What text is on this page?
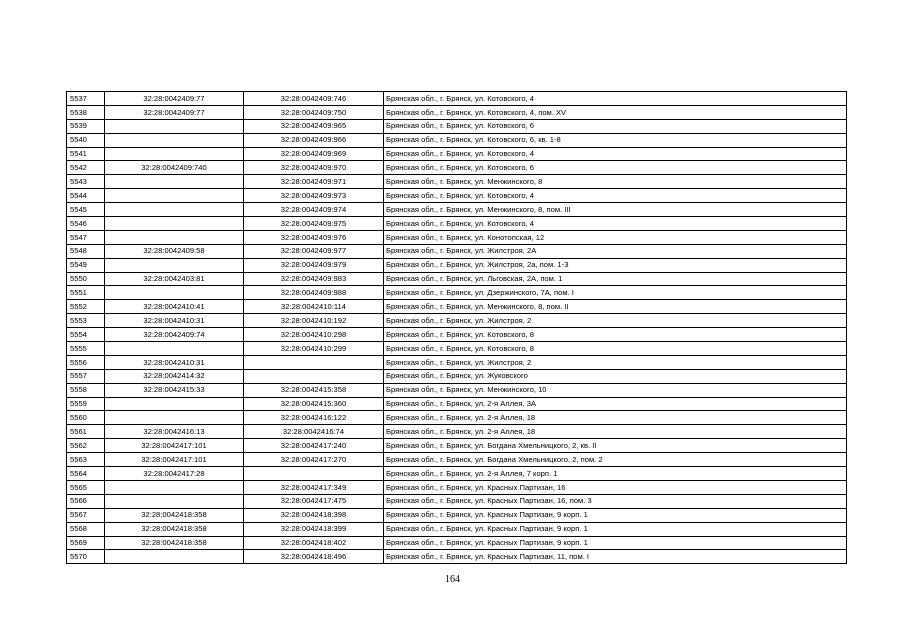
5537	32:28:0042409:77	32:28:0042409:746	Брянская обл., г. Брянск, ул. Котовского, 4
5538	32:28:0042409:77	32:28:0042409:750	Брянская обл., г. Брянск, ул. Котовского, 4, пом. XV
5539		32:28:0042409:965	Брянская обл., г. Брянск, ул. Котовского, 6
5540		32:28:0042409:966	Брянская обл., г. Брянск, ул. Котовского, 6, кв. 1-8
5541		32:28:0042409:969	Брянская обл., г. Брянск, ул. Котовского, 4
5542	32:28:0042409:740	32:28:0042409:970	Брянская обл., г. Брянск, ул. Котовского, 6
5543		32:28:0042409:971	Брянская обл., г. Брянск, ул. Менжинского, 8
5544		32:28:0042409:973	Брянская обл., г. Брянск, ул. Котовского, 4
5545		32:28:0042409:974	Брянская обл., г. Брянск, ул. Менжинского, 8, пом. III
5546		32:28:0042409:975	Брянская обл., г. Брянск, ул. Котовского, 4
5547		32:28:0042409:976	Брянская обл., г. Брянск, ул. Конотопская, 12
5548	32:28:0042409:58	32:28:0042409:977	Брянская обл., г. Брянск, ул. Жилстроя, 2А
5549		32:28:0042409:979	Брянская обл., г. Брянск, ул. Жилстроя, 2а, пом. 1-3
5550	32:28:0042403:81	32:28:0042409:983	Брянская обл., г. Брянск, ул. Льговская, 2А, пом. 1
5551		32:28:0042409:988	Брянская обл., г. Брянск, ул. Дзержинского, 7А, пом. I
5552	32:28:0042410:41	32:28:0042410:114	Брянская обл., г. Брянск, ул. Менжинского, 8, пом. II
5553	32:28:0042410:31	32:28:0042410:192	Брянская обл., г. Брянск, ул. Жилстроя, 2
5554	32:28:0042409:74	32:28:0042410:298	Брянская обл., г. Брянск, ул. Котовского, 8
5555		32:28:0042410:299	Брянская обл., г. Брянск, ул. Котовского, 8
5556	32:28:0042410:31		Брянская обл., г. Брянск, ул. Жилстроя, 2
5557	32:28:0042414:32		Брянская обл., г. Брянск, ул. Жуковского
5558	32:28:0042415:33	32:28:0042415:358	Брянская обл., г. Брянск, ул. Менжинского, 10
5559		32:28:0042415:360	Брянская обл., г. Брянск, ул. 2-я Аллея, 3А
5560		32:28:0042416:122	Брянская обл., г. Брянск, ул. 2-я Аллея, 18
5561	32:28:0042416:13	32:28:0042416:74	Брянская обл., г. Брянск, ул. 2-я Аллея, 18
5562	32:28:0042417:101	32:28:0042417:240	Брянская обл., г. Брянск, ул. Богдана Хмельницкого, 2, кв. II
5563	32:28:0042417:101	32:28:0042417:270	Брянская обл., г. Брянск, ул. Богдана Хмельницкого, 2, пом. 2
5564	32:28:0042417:28		Брянская обл., г. Брянск, ул. 2-я Аллея, 7 корп. 1
5565		32:28:0042417:349	Брянская обл., г. Брянск, ул. Красных Партизан, 16
5566		32:28:0042417:475	Брянская обл., г. Брянск, ул. Красных Партизан, 16, пом. 3
5567	32:28:0042418:358	32:28:0042418:398	Брянская обл., г. Брянск, ул. Красных Партизан, 9 корп. 1
5568	32:28:0042418:358	32:28:0042418:399	Брянская обл., г. Брянск, ул. Красных Партизан, 9 корп. 1
5569	32:28:0042418:358	32:28:0042418:402	Брянская обл., г. Брянск, ул. Красных Партизан, 9 корп. 1
5570		32:28:0042418:496	Брянская обл., г. Брянск, ул. Красных Партизан, 11, пом. I
164
